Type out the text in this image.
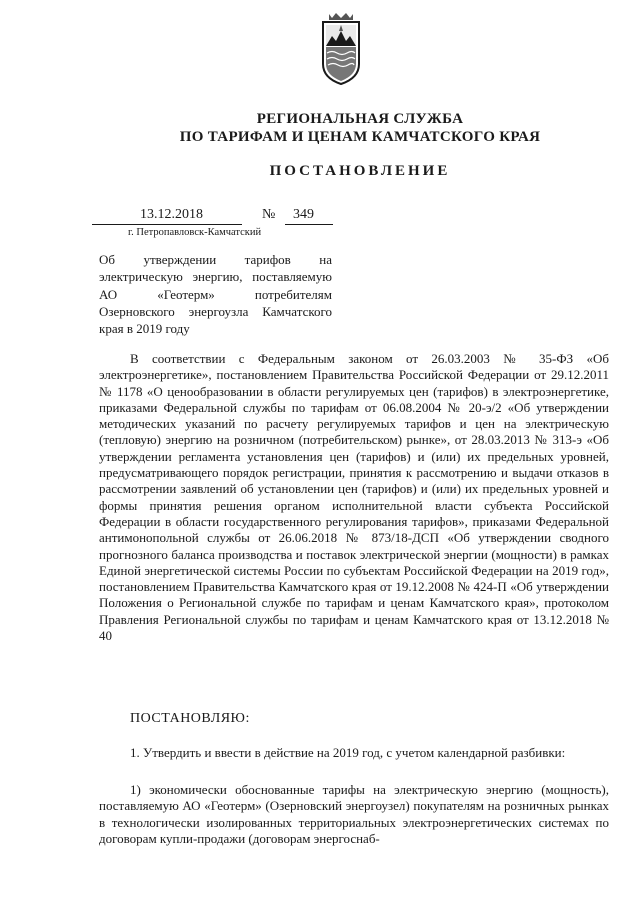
РЕГИОНАЛЬНАЯ СЛУЖБА
ПО ТАРИФАМ И ЦЕНАМ КАМЧАТСКОГО КРАЯ
ПОСТАНОВЛЕНИЕ
13.12.2018	№ 349
г. Петропавловск-Камчатский
Об утверждении тарифов на электрическую энергию, поставляемую АО «Геотерм» потребителям Озерновского энергоузла Камчатского края в 2019 году
В соответствии с Федеральным законом от 26.03.2003 № 35-ФЗ «Об электроэнергетике», постановлением Правительства Российской Федерации от 29.12.2011 № 1178 «О ценообразовании в области регулируемых цен (тарифов) в электроэнергетике, приказами Федеральной службы по тарифам от 06.08.2004 № 20-э/2 «Об утверждении методических указаний по расчету регулируемых тарифов и цен на электрическую (тепловую) энергию на розничном (потребительском) рынке», от 28.03.2013 № 313-э «Об утверждении регламента установления цен (тарифов) и (или) их предельных уровней, предусматривающего порядок регистрации, принятия к рассмотрению и выдачи отказов в рассмотрении заявлений об установлении цен (тарифов) и (или) их предельных уровней и формы принятия решения органом исполнительной власти субъекта Российской Федерации в области государственного регулирования тарифов», приказами Федеральной антимонопольной службы от 26.06.2018 № 873/18-ДСП «Об утверждении сводного прогнозного баланса производства и поставок электрической энергии (мощности) в рамках Единой энергетической системы России по субъектам Российской Федерации на 2019 год», постановлением Правительства Камчатского края от 19.12.2008 № 424-П «Об утверждении Положения о Региональной службе по тарифам и ценам Камчатского края», протоколом Правления Региональной службы по тарифам и ценам Камчатского края от 13.12.2018 № 40
ПОСТАНОВЛЯЮ:
1. Утвердить и ввести в действие на 2019 год, с учетом календарной разбивки:
1) экономически обоснованные тарифы на электрическую энергию (мощность), поставляемую АО «Геотерм» (Озерновский энергоузел) покупателям на розничных рынках в технологически изолированных территориальных электроэнергетических системах по договорам купли-продажи (договорам энергоснаб-
